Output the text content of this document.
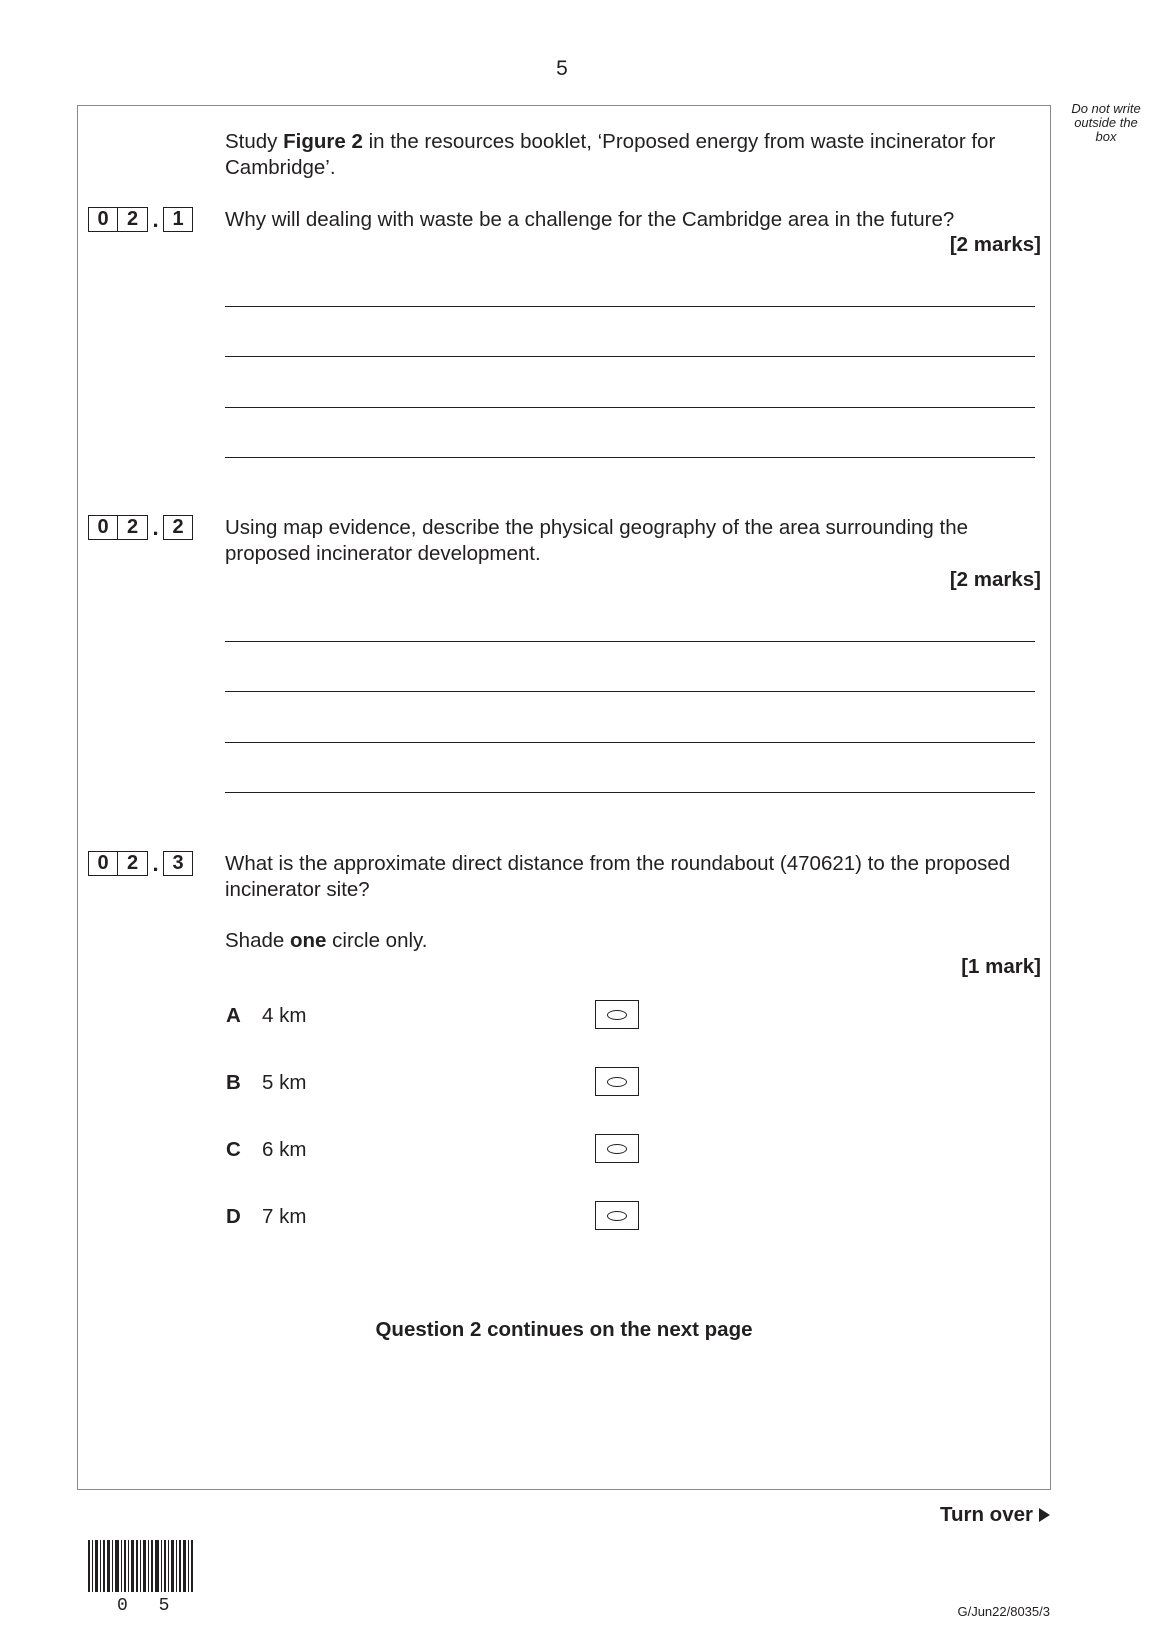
5
Do not write outside the box
Study Figure 2 in the resources booklet, ‘Proposed energy from waste incinerator for Cambridge’.
0 2 . 1	Why will dealing with waste be a challenge for the Cambridge area in the future?
[2 marks]
0 2 . 2	Using map evidence, describe the physical geography of the area surrounding the proposed incinerator development.
[2 marks]
0 2 . 3	What is the approximate direct distance from the roundabout (470621) to the proposed incinerator site?
Shade one circle only.
[1 mark]
A 4 km
B 5 km
C 6 km
D 7 km
Question 2 continues on the next page
Turn over
0 5	G/Jun22/8035/3
